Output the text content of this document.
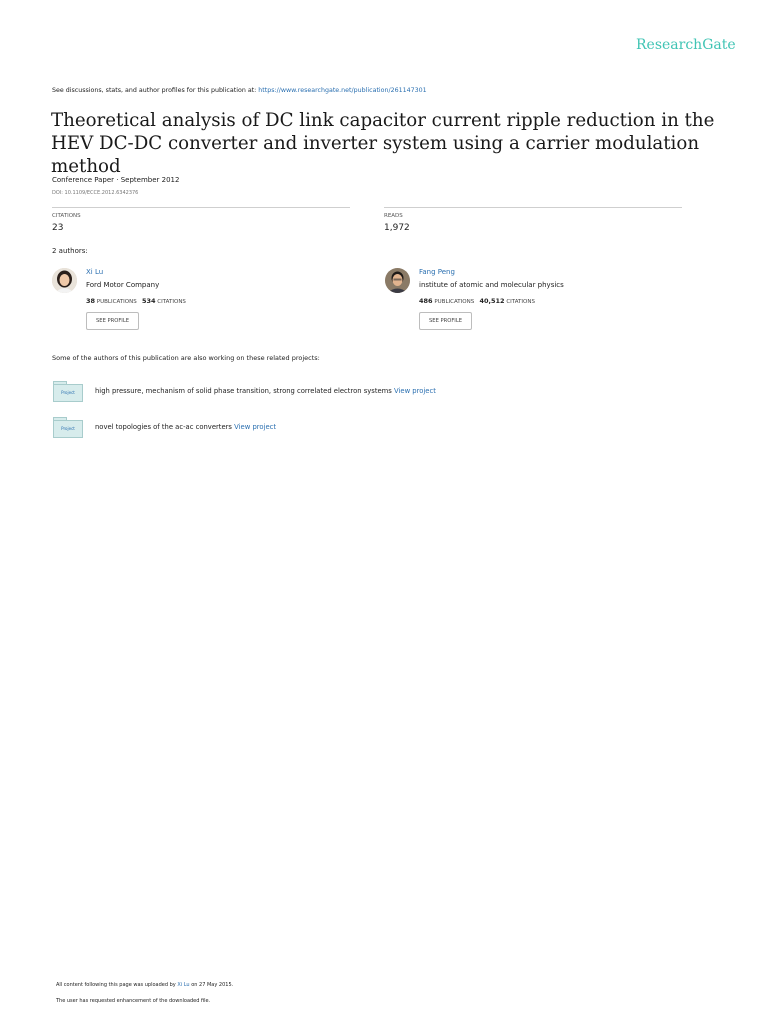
ResearchGate
See discussions, stats, and author profiles for this publication at: https://www.researchgate.net/publication/261147301
Theoretical analysis of DC link capacitor current ripple reduction in the HEV DC-DC converter and inverter system using a carrier modulation method
Conference Paper · September 2012
DOI: 10.1109/ECCE.2012.6342376
CITATIONS
23
READS
1,972
2 authors:
Xi Lu
Ford Motor Company
38 PUBLICATIONS 534 CITATIONS
SEE PROFILE
Fang Peng
institute of atomic and molecular physics
486 PUBLICATIONS 40,512 CITATIONS
SEE PROFILE
Some of the authors of this publication are also working on these related projects:
Project	high pressure, mechanism of solid phase transition, strong correlated electron systems View project
Project	novel topologies of the ac-ac converters View project
All content following this page was uploaded by Xi Lu on 27 May 2015.
The user has requested enhancement of the downloaded file.
